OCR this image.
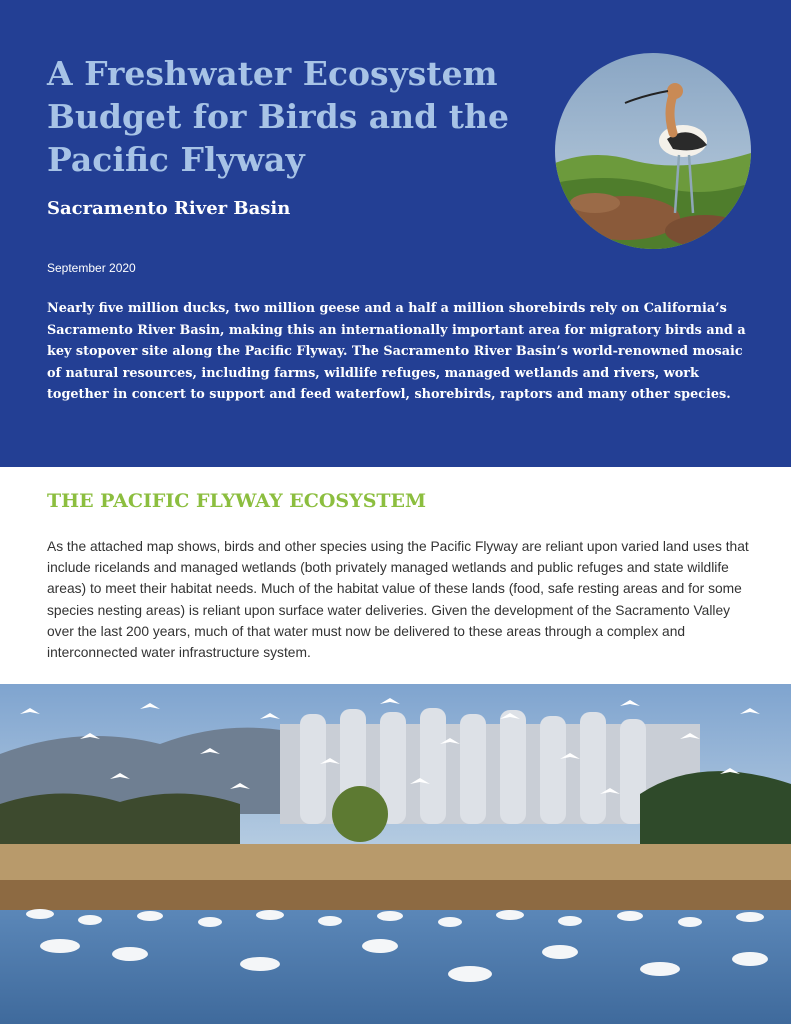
A Freshwater Ecosystem Budget for Birds and the Pacific Flyway
Sacramento River Basin
September 2020

Nearly five million ducks, two million geese and a half a million shorebirds rely on California’s Sacramento River Basin, making this an internationally important area for migratory birds and a key stopover site along the Pacific Flyway. The Sacramento River Basin’s world-renowned mosaic of natural resources, including farms, wildlife refuges, managed wetlands and rivers, work together in concert to support and feed waterfowl, shorebirds, raptors and many other species.

THE PACIFIC FLYWAY ECOSYSTEM

As the attached map shows, birds and other species using the Pacific Flyway are reliant upon varied land uses that include ricelands and managed wetlands (both privately managed wetlands and public refuges and state wildlife areas) to meet their habitat needs. Much of the habitat value of these lands (food, safe resting areas and for some species nesting areas) is reliant upon surface water deliveries. Given the development of the Sacramento Valley over the last 200 years, much of that water must now be delivered to these areas through a complex and interconnected water infrastructure system.
